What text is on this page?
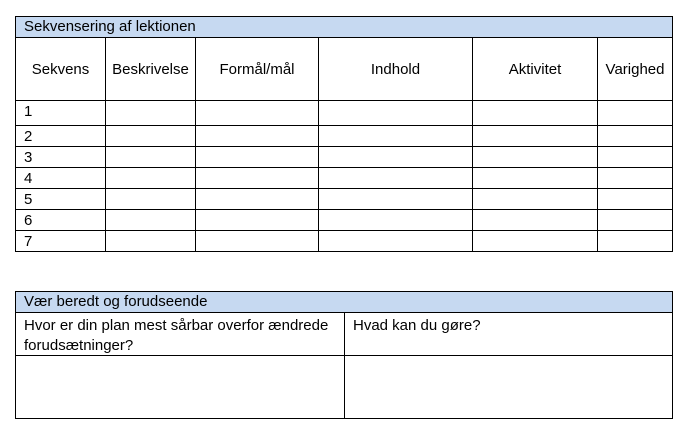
Sekvensering af lektionen					
Sekvens	Beskrivelse	Formål/mål	Indhold	Aktivitet	Varighed
1					
2					
3					
4					
5					
6					
7					
Vær beredt og forudseende	
Hvor er din plan mest sårbar overfor ændrede forudsætninger?	Hvad kan du gøre?
